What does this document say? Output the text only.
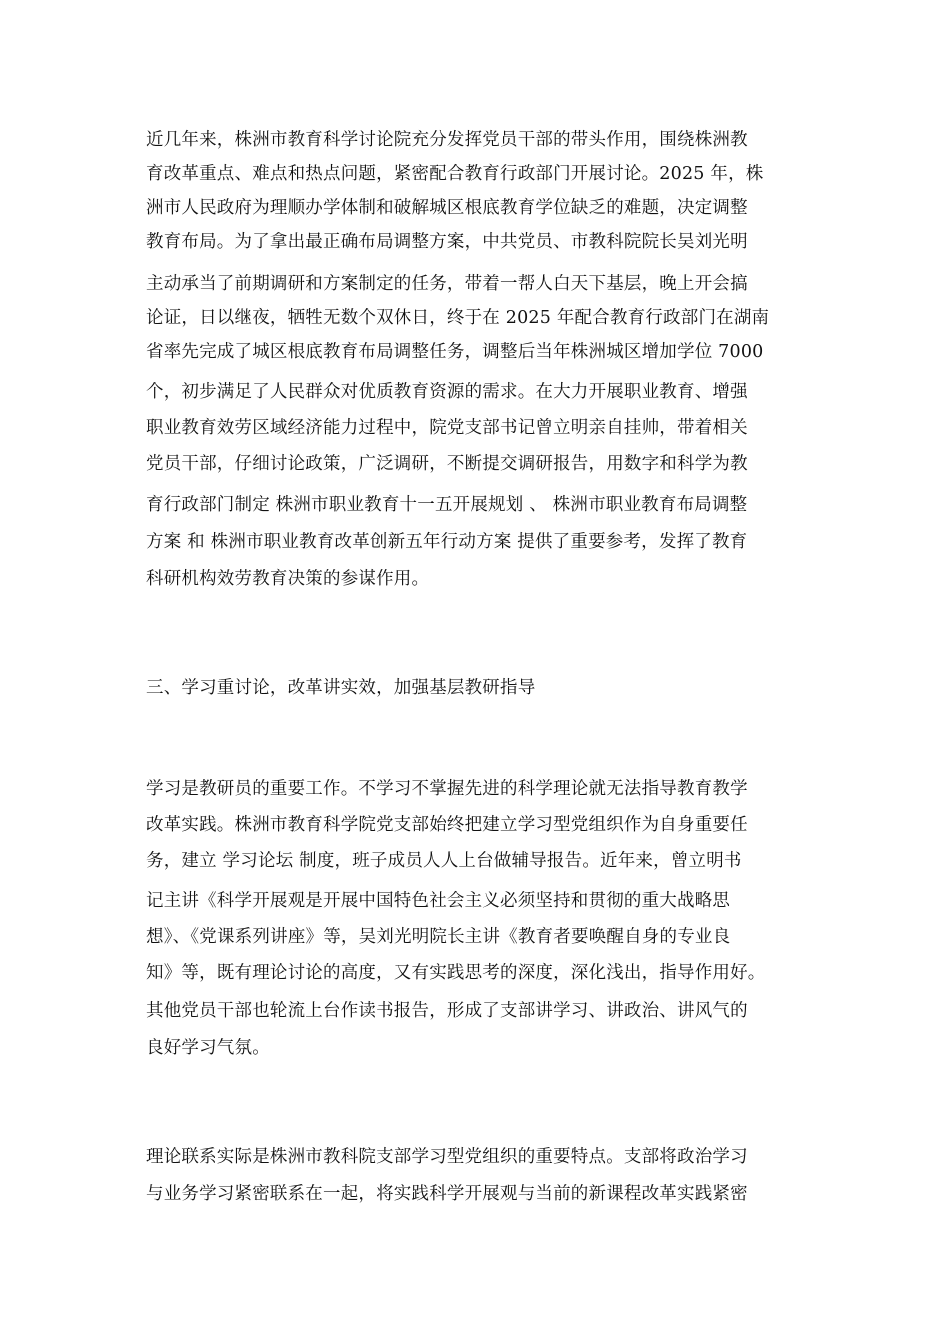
近几年来，株洲市教育科学讨论院充分发挥党员干部的带头作用，围绕株洲教
育改革重点、难点和热点问题，紧密配合教育行政部门开展讨论。2025 年，株
洲市人民政府为理顺办学体制和破解城区根底教育学位缺乏的难题，决定调整
教育布局。为了拿出最正确布局调整方案，中共党员、市教科院院长吴刘光明
主动承当了前期调研和方案制定的任务，带着一帮人白天下基层，晚上开会搞
论证，日以继夜，牺牲无数个双休日，终于在 2025 年配合教育行政部门在湖南
省率先完成了城区根底教育布局调整任务，调整后当年株洲城区增加学位 7000
个，初步满足了人民群众对优质教育资源的需求。在大力开展职业教育、增强
职业教育效劳区域经济能力过程中，院党支部书记曾立明亲自挂帅，带着相关
党员干部，仔细讨论政策，广泛调研，不断提交调研报告，用数字和科学为教
育行政部门制定 株洲市职业教育十一五开展规划 、 株洲市职业教育布局调整
方案 和 株洲市职业教育改革创新五年行动方案 提供了重要参考，发挥了教育
科研机构效劳教育决策的参谋作用。
三、学习重讨论，改革讲实效，加强基层教研指导
学习是教研员的重要工作。不学习不掌握先进的科学理论就无法指导教育教学
改革实践。株洲市教育科学院党支部始终把建立学习型党组织作为自身重要任
务，建立 学习论坛 制度，班子成员人人上台做辅导报告。近年来，曾立明书
记主讲《科学开展观是开展中国特色社会主义必须坚持和贯彻的重大战略思
想》、《党课系列讲座》等，吴刘光明院长主讲《教育者要唤醒自身的专业良
知》等，既有理论讨论的高度，又有实践思考的深度，深化浅出，指导作用好。
其他党员干部也轮流上台作读书报告，形成了支部讲学习、讲政治、讲风气的
良好学习气氛。
理论联系实际是株洲市教科院支部学习型党组织的重要特点。支部将政治学习
与业务学习紧密联系在一起，将实践科学开展观与当前的新课程改革实践紧密
